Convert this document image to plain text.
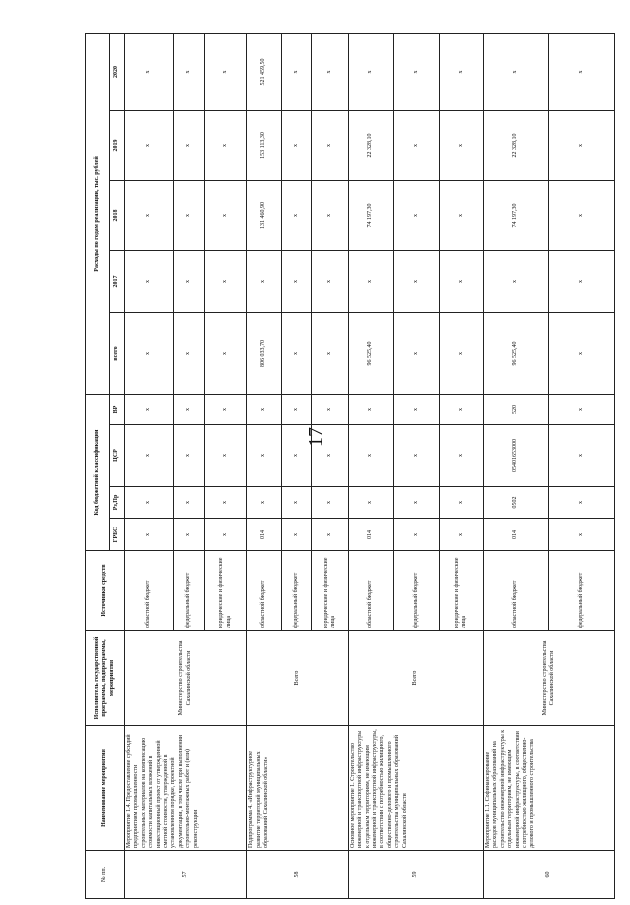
17
№ пп.	Наименование мероприятия	Исполнитель государственной программы, подпрограммы, мероприятия	Источники средств	Код бюджетной классификации				Расходы по годам реализации, тыс. рублей				
				ГРБС	Рз,Пр	ЦСР	ВР	всего	2017	2018	2019	2020
57	Мероприятие 1.4. Предоставление субсидий предприятиям промышленности строительных материалов на компенсацию стоимости капитальных вложений в инвестиционный проект от утвержденной сметной стоимости, утвержденной в установленном порядке, проектной документации, в том числе при выполнении строительно-монтажных работ и (или) реконструкции	Министерство строительства Сахалинской области	областной бюджет	х	х	х	х	х	х	х	х	х
			федеральный бюджет	х	х	х	х	х	х	х	х	х
			юридические и физические лица	х	х	х	х	х	х	х	х	х
58	Подпрограмма 4. «Инфраструктурное развитие территорий муниципальных образований Сахалинской области»	Всего	областной бюджет	014	х	х	х	806 033,70	х	131 460,90	153 113,30	521 459,50
			федеральный бюджет	х	х	х	х	х	х	х	х	х
			юридические и физические лица	х	х	х	х	х	х	х	х	х
59	Основное мероприятие 1. Строительство инженерной и транспортной инфраструктуры к отдельным территориям, не имеющим инженерной и транспортной инфраструктуры, в соответствии с потребностью жилищного, общественно-делового и промышленного строительства муниципальных образований Сахалинской области	Всего	областной бюджет	014	х	х	х	96 525,40	х	74 197,30	22 328,10	х
			федеральный бюджет	х	х	х	х	х	х	х	х	х
			юридические и физические лица	х	х	х	х	х	х	х	х	х
60	Мероприятие 1.1. Софинансирование расходов муниципальных образований на строительство инженерной инфраструктуры к отдельным территориям, не имеющим инженерной инфраструктуры, в соответствии с потребностью жилищного, общественно-делового и промышленного строительства	Министерство строительства Сахалинской области	областной бюджет	014	0502	05401653000	520	96 525,40	х	74 197,30	22 328,10	х
			федеральный бюджет	х	х	х	х	х	х	х	х	х
